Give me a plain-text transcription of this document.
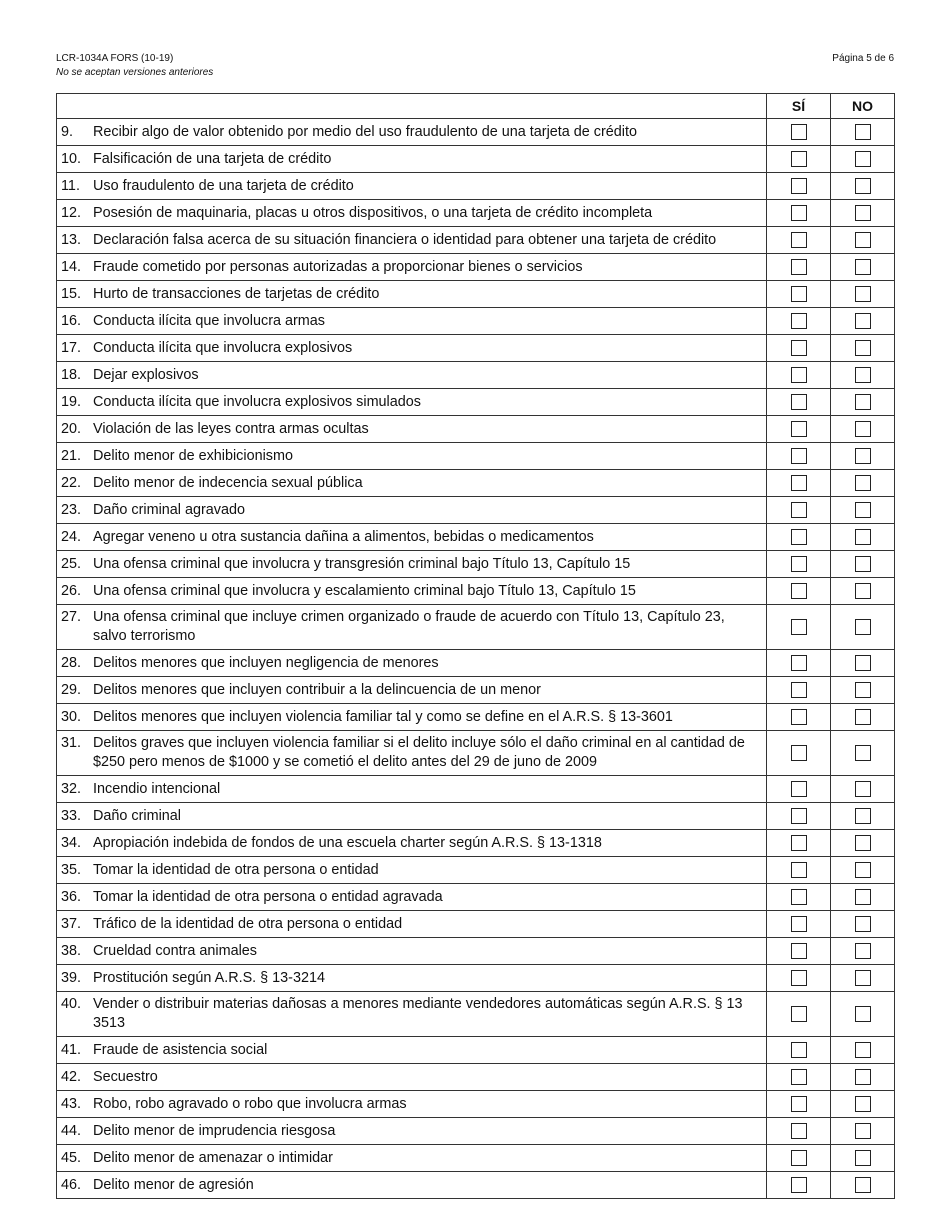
LCR-1034A FORS (10-19)
No se aceptan versiones anteriores
Página 5 de 6
	SÍ	NO

9. Recibir algo de valor obtenido por medio del uso fraudulento de una tarjeta de crédito		

10. Falsificación de una tarjeta de crédito		

11. Uso fraudulento de una tarjeta de crédito		

12. Posesión de maquinaria, placas u otros dispositivos, o una tarjeta de crédito incompleta		

13. Declaración falsa acerca de su situación financiera o identidad para obtener una tarjeta de crédito		

14. Fraude cometido por personas autorizadas a proporcionar bienes o servicios		

15. Hurto de transacciones de tarjetas de crédito		

16. Conducta ilícita que involucra armas		

17. Conducta ilícita que involucra explosivos		

18. Dejar explosivos		

19. Conducta ilícita que involucra explosivos simulados		

20. Violación de las leyes contra armas ocultas		

21. Delito menor de exhibicionismo		

22. Delito menor de indecencia sexual pública		

23. Daño criminal agravado		

24. Agregar veneno u otra sustancia dañina a alimentos, bebidas o medicamentos		

25. Una ofensa criminal que involucra y transgresión criminal bajo Título 13, Capítulo 15		

26. Una ofensa criminal que involucra y escalamiento criminal bajo Título 13, Capítulo 15		

27. Una ofensa criminal que incluye crimen organizado o fraude de acuerdo con Título 13, Capítulo 23, salvo terrorismo		

28. Delitos menores que incluyen negligencia de menores		

29. Delitos menores que incluyen contribuir a la delincuencia de un menor		

30. Delitos menores que incluyen violencia familiar tal y como se define en el A.R.S. § 13-3601		

31. Delitos graves que incluyen violencia familiar si el delito incluye sólo el daño criminal en al cantidad de $250 pero menos de $1000 y se cometió el delito antes del 29 de juno de 2009		

32. Incendio intencional		

33. Daño criminal		

34. Apropiación indebida de fondos de una escuela charter según A.R.S. § 13-1318		

35. Tomar la identidad de otra persona o entidad		

36. Tomar la identidad de otra persona o entidad agravada		

37. Tráfico de la identidad de otra persona o entidad		

38. Crueldad contra animales		

39. Prostitución según A.R.S. § 13-3214		

40. Vender o distribuir materias dañosas a menores mediante vendedores automáticas según A.R.S. § 13 3513		

41. Fraude de asistencia social		

42. Secuestro		

43. Robo, robo agravado o robo que involucra armas		

44. Delito menor de imprudencia riesgosa		

45. Delito menor de amenazar o intimidar		

46. Delito menor de agresión		
